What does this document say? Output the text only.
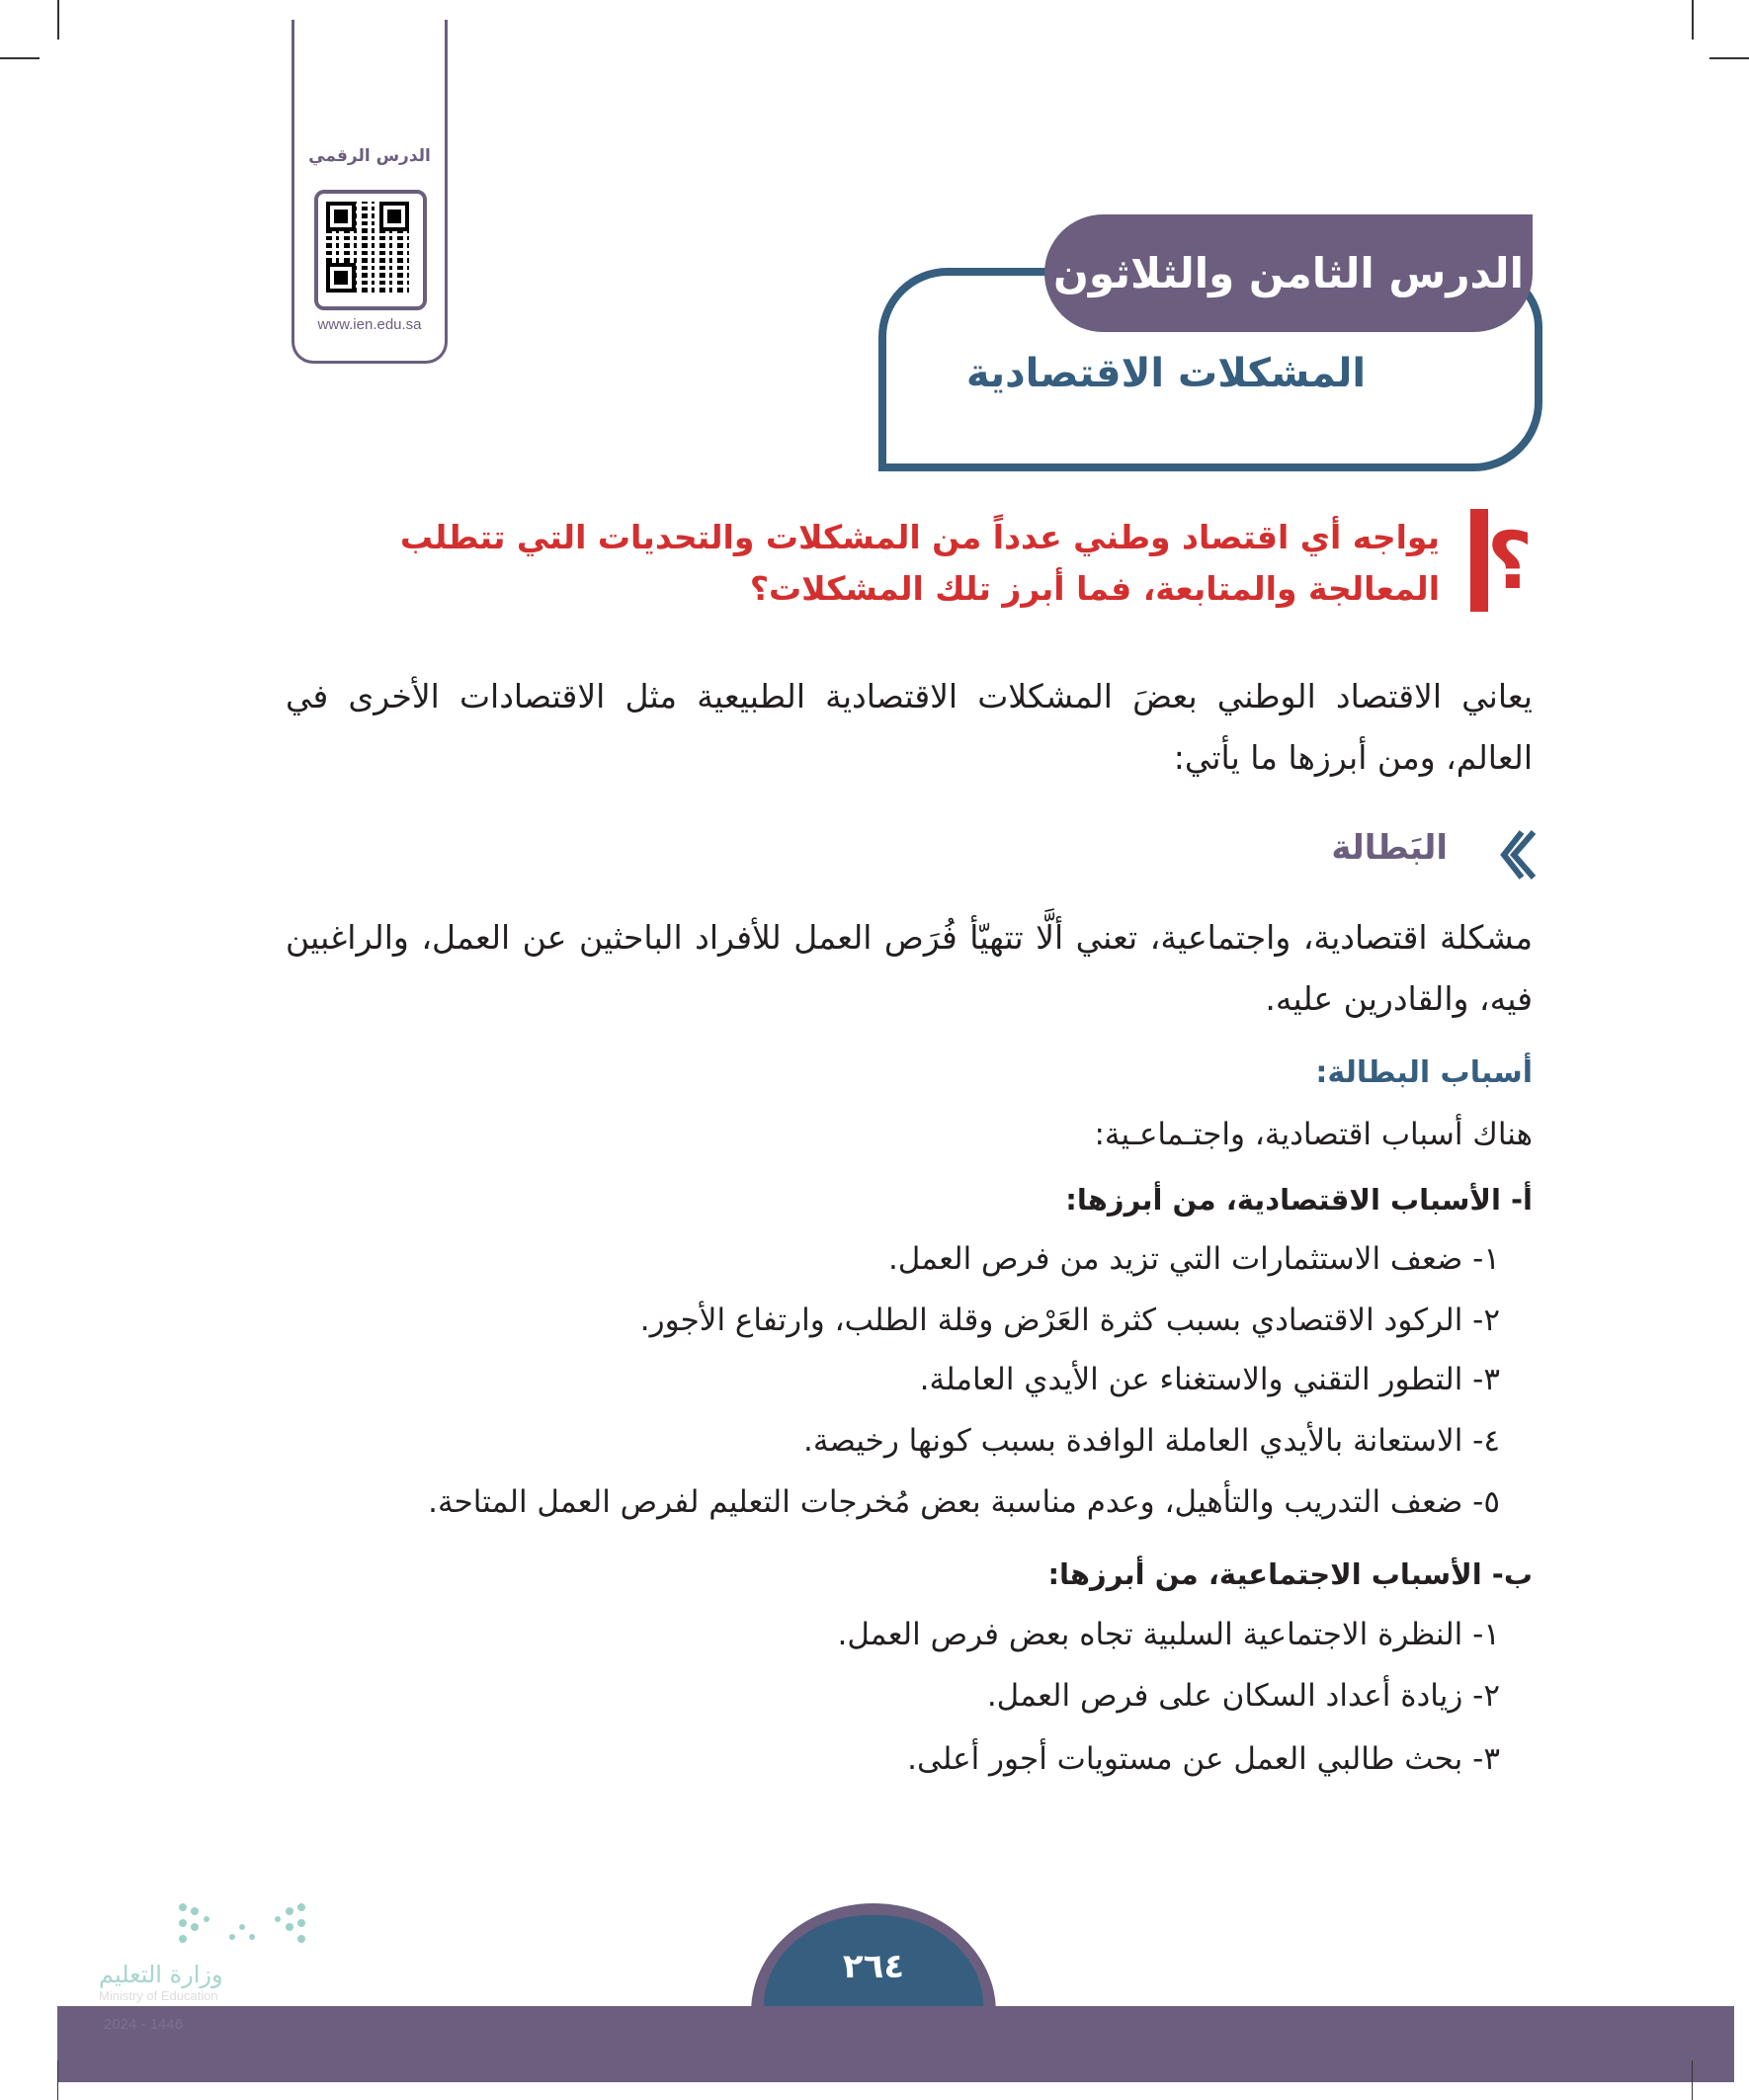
الدرس الرقمي
www.ien.edu.sa
الدرس الثامن والثلاثون
المشكلات الاقتصادية
؟
يواجه أي اقتصاد وطني عدداً من المشكلات والتحديات التي تتطلب المعالجة والمتابعة، فما أبرز تلك المشكلات؟
يعاني الاقتصاد الوطني بعضَ المشكلات الاقتصادية الطبيعية مثل الاقتصادات الأخرى في العالم، ومن أبرزها ما يأتي:
البَطالة
مشكلة اقتصادية، واجتماعية، تعني ألَّا تتهيّأ فُرَص العمل للأفراد الباحثين عن العمل، والراغبين فيه، والقادرين عليه.
أسباب البطالة:
هناك أسباب اقتصادية، واجتـماعـية:
أ- الأسباب الاقتصادية، من أبرزها:
١- ضعف الاستثمارات التي تزيد من فرص العمل.
٢- الركود الاقتصادي بسبب كثرة العَرْض وقلة الطلب، وارتفاع الأجور.
٣- التطور التقني والاستغناء عن الأيدي العاملة.
٤- الاستعانة بالأيدي العاملة الوافدة بسبب كونها رخيصة.
٥- ضعف التدريب والتأهيل، وعدم مناسبة بعض مُخرجات التعليم لفرص العمل المتاحة.
ب- الأسباب الاجتماعية، من أبرزها:
١- النظرة الاجتماعية السلبية تجاه بعض فرص العمل.
٢- زيادة أعداد السكان على فرص العمل.
٣- بحث طالبي العمل عن مستويات أجور أعلى.
وزارة التعليم
Ministry of Education
2024 - 1446
٢٦٤
